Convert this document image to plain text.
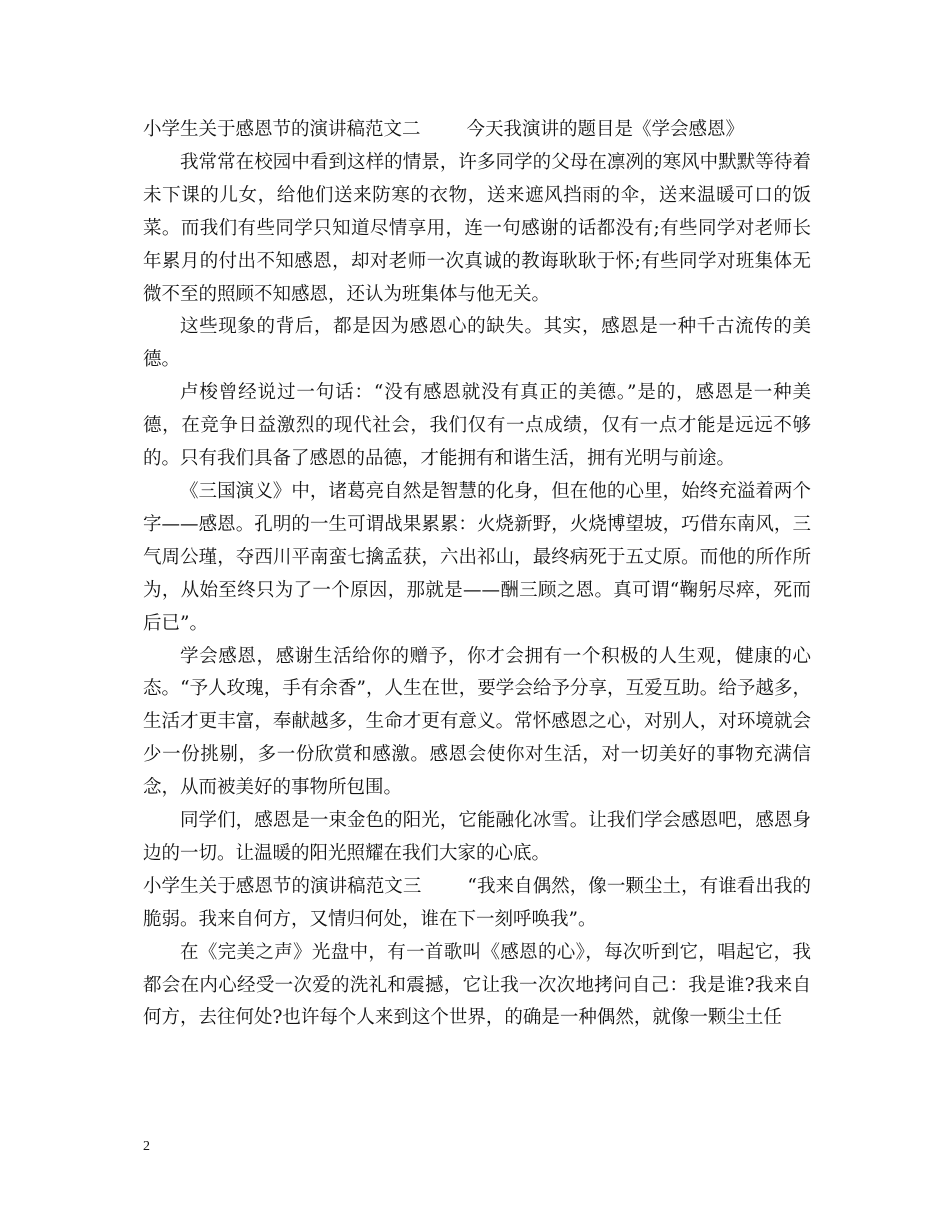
小学生关于感恩节的演讲稿范文二 今天我演讲的题目是《学会感恩》

我常常在校园中看到这样的情景，许多同学的父母在凛冽的寒风中默默等待着未下课的儿女，给他们送来防寒的衣物，送来遮风挡雨的伞，送来温暖可口的饭菜。而我们有些同学只知道尽情享用，连一句感谢的话都没有;有些同学对老师长年累月的付出不知感恩，却对老师一次真诚的教诲耿耿于怀;有些同学对班集体无微不至的照顾不知感恩，还认为班集体与他无关。

这些现象的背后，都是因为感恩心的缺失。其实，感恩是一种千古流传的美德。

卢梭曾经说过一句话：“没有感恩就没有真正的美德。”是的，感恩是一种美德，在竞争日益激烈的现代社会，我们仅有一点成绩，仅有一点才能是远远不够的。只有我们具备了感恩的品德，才能拥有和谐生活，拥有光明与前途。

《三国演义》中，诸葛亮自然是智慧的化身，但在他的心里，始终充溢着两个字——感恩。孔明的一生可谓战果累累：火烧新野，火烧博望坡，巧借东南风，三气周公瑾，夺西川平南蛮七擒孟获，六出祁山，最终病死于五丈原。而他的所作所为，从始至终只为了一个原因，那就是——酬三顾之恩。真可谓“鞠躬尽瘁，死而后已”。

学会感恩，感谢生活给你的赠予，你才会拥有一个积极的人生观，健康的心态。“予人玫瑰，手有余香”，人生在世，要学会给予分享，互爱互助。给予越多，生活才更丰富，奉献越多，生命才更有意义。常怀感恩之心，对别人，对环境就会少一份挑剔，多一份欣赏和感激。感恩会使你对生活，对一切美好的事物充满信念，从而被美好的事物所包围。

同学们，感恩是一束金色的阳光，它能融化冰雪。让我们学会感恩吧，感恩身边的一切。让温暖的阳光照耀在我们大家的心底。

小学生关于感恩节的演讲稿范文三 “我来自偶然，像一颗尘土，有谁看出我的脆弱。我来自何方，又情归何处，谁在下一刻呼唤我”。

在《完美之声》光盘中，有一首歌叫《感恩的心》，每次听到它，唱起它，我都会在内心经受一次爱的洗礼和震撼，它让我一次次地拷问自己：我是谁?我来自何方，去往何处?也许每个人来到这个世界，的确是一种偶然，就像一颗尘土任

2
